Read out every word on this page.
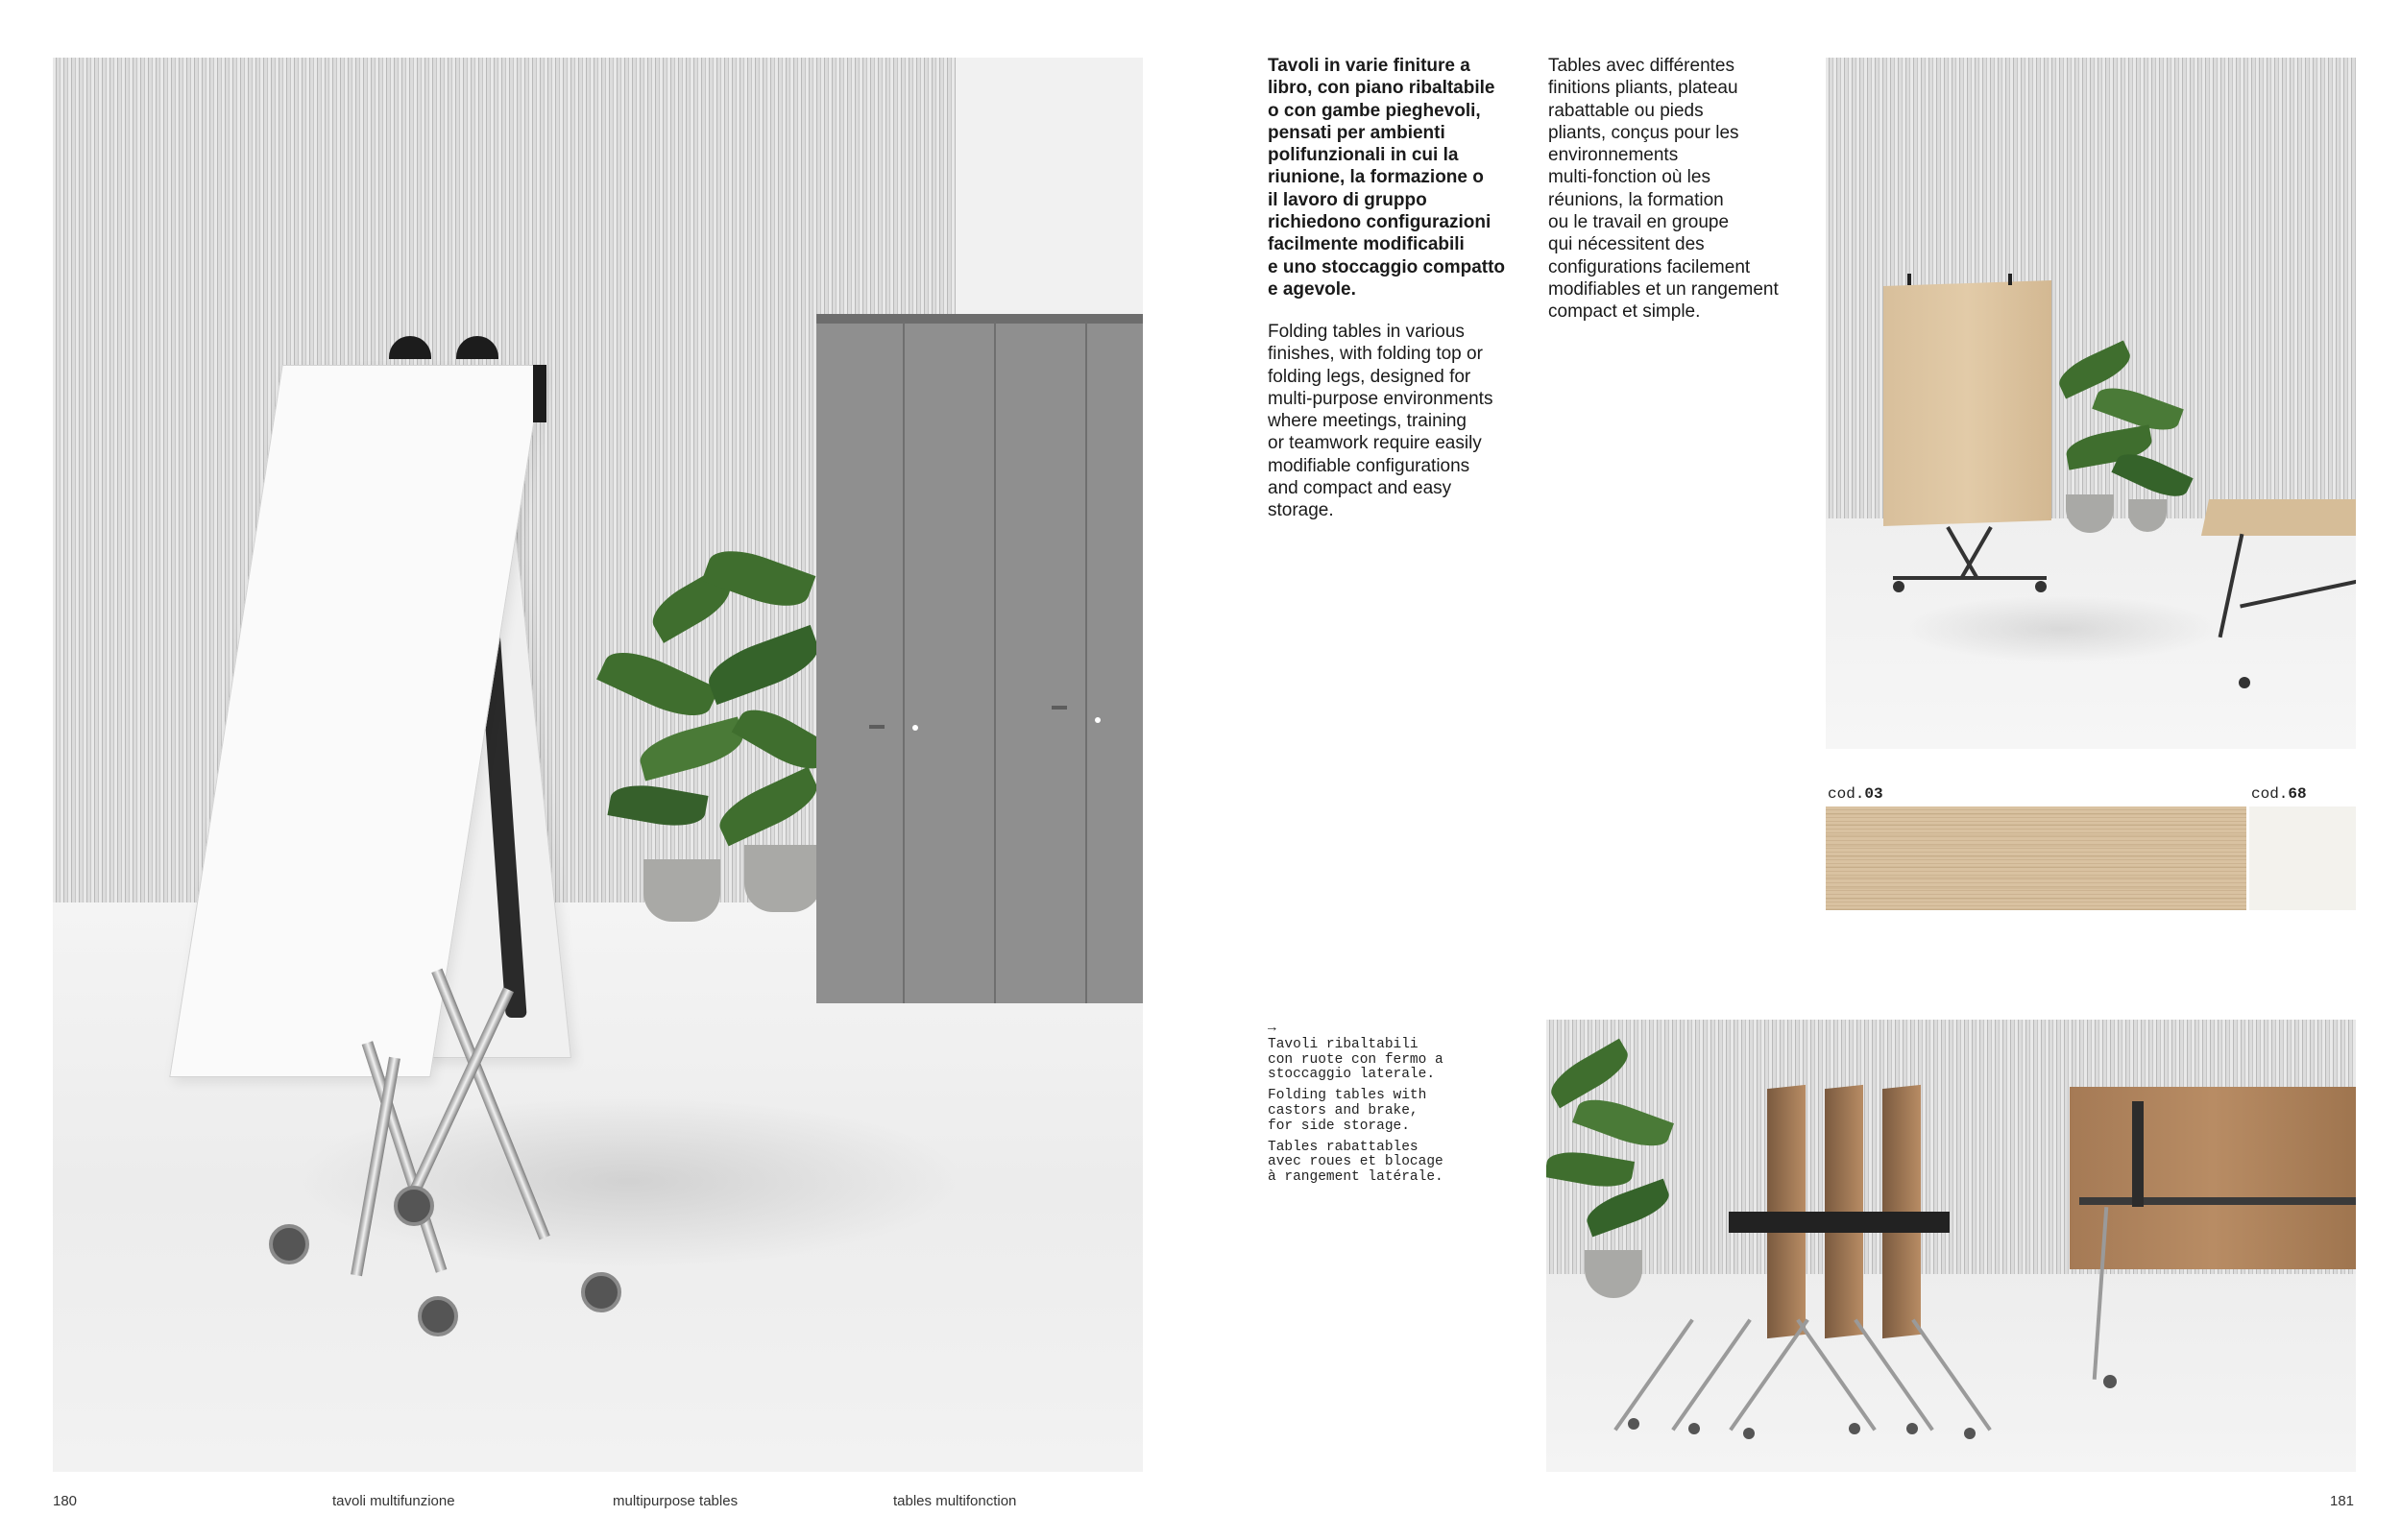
Tavoli in varie finiture a
libro, con piano ribaltabile
o con gambe pieghevoli,
pensati per ambienti
polifunzionali in cui la
riunione, la formazione o
il lavoro di gruppo
richiedono configurazioni
facilmente modificabili
e uno stoccaggio compatto
e agevole.
Folding tables in various
finishes, with folding top or
folding legs, designed for
multi-purpose environments
where meetings, training
or teamwork require easily
modifiable configurations
and compact and easy
storage.
Tables avec différentes
finitions pliants, plateau
rabattable ou pieds
pliants, conçus pour les
environnements
multi-fonction où les
réunions, la formation
ou le travail en groupe
qui nécessitent des
configurations facilement
modifiables et un rangement
compact et simple.
cod.03	cod.68
→
Tavoli ribaltabili
con ruote con fermo a
stoccaggio laterale.
Folding tables with
castors and brake,
for side storage.
Tables rabattables
avec roues et blocage
à rangement latérale.
180	tavoli multifunzione	multipurpose tables	tables multifonction	181
